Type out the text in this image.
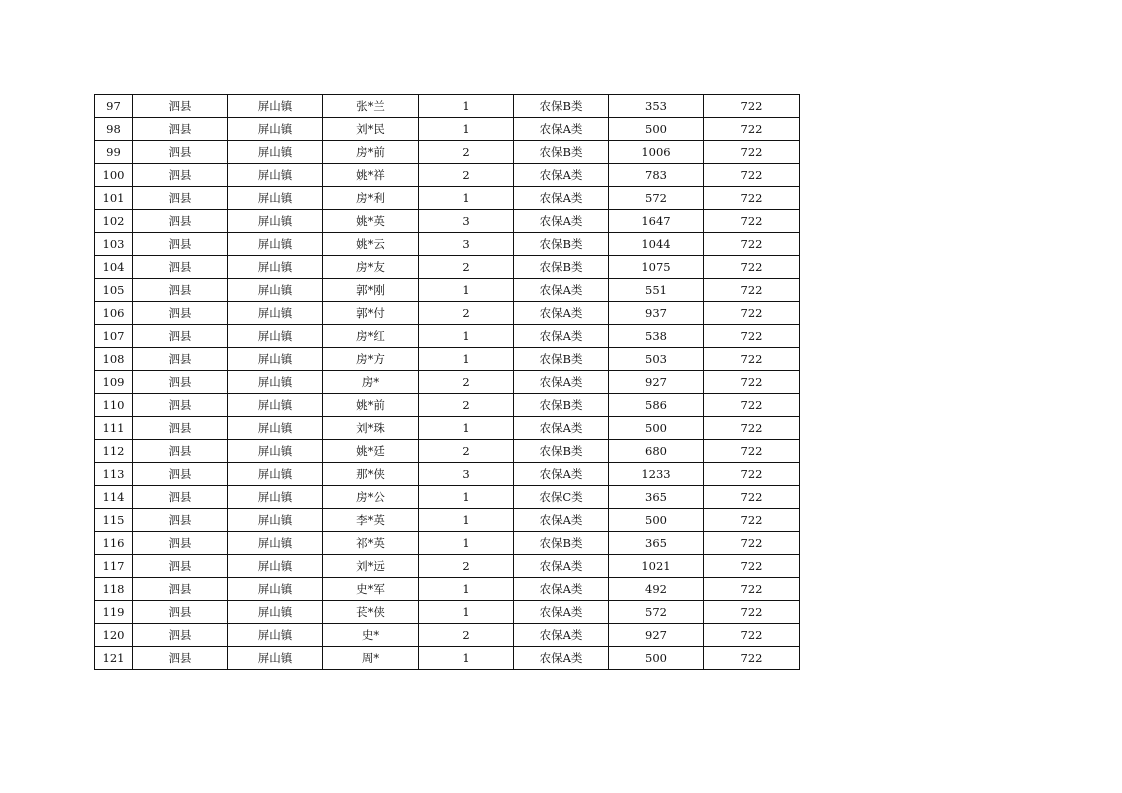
97	泗县	屏山镇	张*兰	1	农保B类	353	722
98	泗县	屏山镇	刘*民	1	农保A类	500	722
99	泗县	屏山镇	房*前	2	农保B类	1006	722
100	泗县	屏山镇	姚*祥	2	农保A类	783	722
101	泗县	屏山镇	房*利	1	农保A类	572	722
102	泗县	屏山镇	姚*英	3	农保A类	1647	722
103	泗县	屏山镇	姚*云	3	农保B类	1044	722
104	泗县	屏山镇	房*友	2	农保B类	1075	722
105	泗县	屏山镇	郭*刚	1	农保A类	551	722
106	泗县	屏山镇	郭*付	2	农保A类	937	722
107	泗县	屏山镇	房*红	1	农保A类	538	722
108	泗县	屏山镇	房*方	1	农保B类	503	722
109	泗县	屏山镇	房*	2	农保A类	927	722
110	泗县	屏山镇	姚*前	2	农保B类	586	722
111	泗县	屏山镇	刘*珠	1	农保A类	500	722
112	泗县	屏山镇	姚*廷	2	农保B类	680	722
113	泗县	屏山镇	那*侠	3	农保A类	1233	722
114	泗县	屏山镇	房*公	1	农保C类	365	722
115	泗县	屏山镇	李*英	1	农保A类	500	722
116	泗县	屏山镇	祁*英	1	农保B类	365	722
117	泗县	屏山镇	刘*远	2	农保A类	1021	722
118	泗县	屏山镇	史*军	1	农保A类	492	722
119	泗县	屏山镇	苌*侠	1	农保A类	572	722
120	泗县	屏山镇	史*	2	农保A类	927	722
121	泗县	屏山镇	周*	1	农保A类	500	722
